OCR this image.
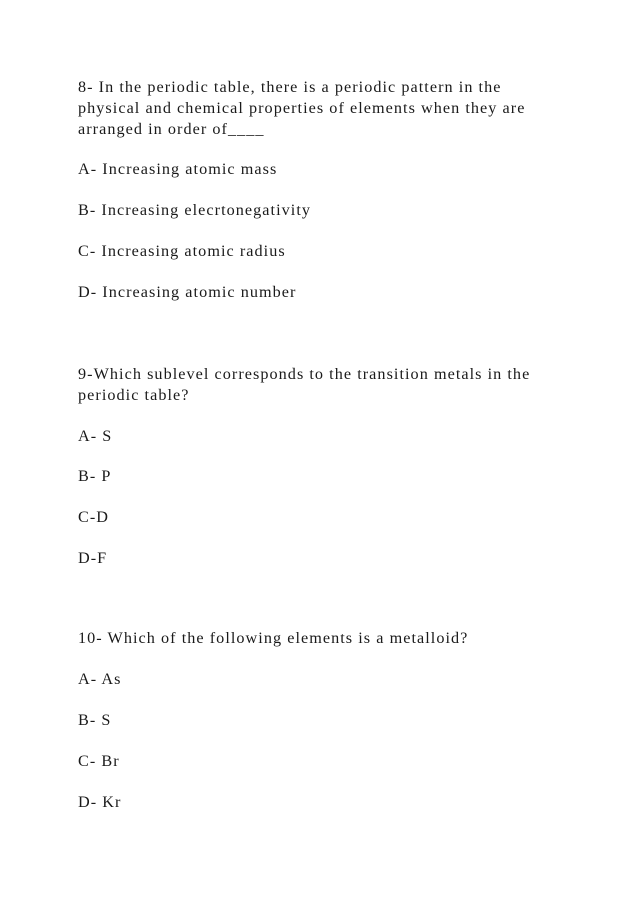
8- In the periodic table, there is a periodic pattern in the
physical and chemical properties of elements when they are
arranged in order of____
A- Increasing atomic mass
B- Increasing elecrtonegativity
C- Increasing atomic radius
D- Increasing atomic number
9-Which sublevel corresponds to the transition metals in the
periodic table?
A- S
B- P
C-D
D-F
10- Which of the following elements is a metalloid?
A- As
B- S
C- Br
D- Kr
